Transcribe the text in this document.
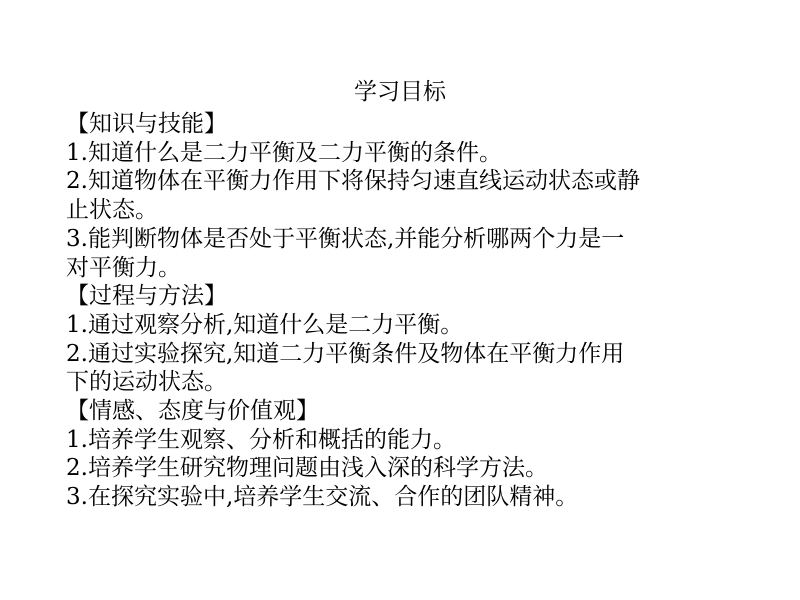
学习目标
【知识与技能】
1.知道什么是二力平衡及二力平衡的条件。
2.知道物体在平衡力作用下将保持匀速直线运动状态或静
止状态。
3.能判断物体是否处于平衡状态,并能分析哪两个力是一
对平衡力。
【过程与方法】
1.通过观察分析,知道什么是二力平衡。
2.通过实验探究,知道二力平衡条件及物体在平衡力作用
下的运动状态。
【情感、态度与价值观】
1.培养学生观察、分析和概括的能力。
2.培养学生研究物理问题由浅入深的科学方法。
3.在探究实验中,培养学生交流、合作的团队精神。
